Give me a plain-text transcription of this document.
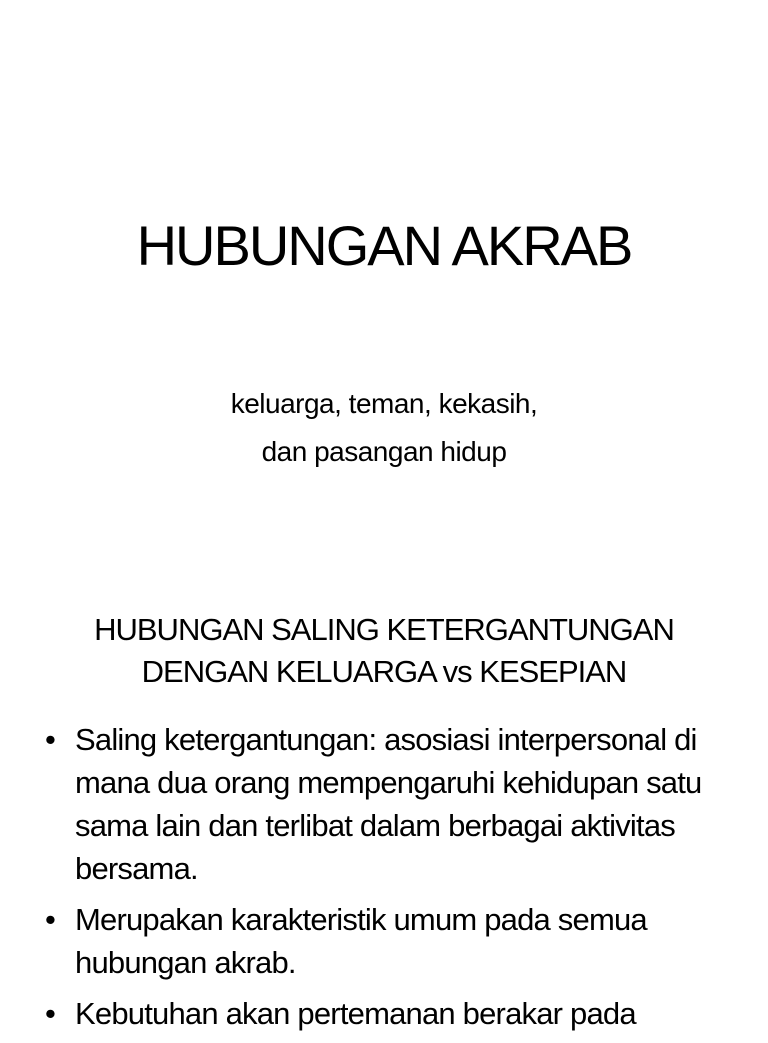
HUBUNGAN AKRAB
keluarga, teman, kekasih,
dan pasangan hidup
HUBUNGAN SALING KETERGANTUNGAN
DENGAN KELUARGA vs KESEPIAN
• Saling ketergantungan: asosiasi interpersonal di
mana dua orang mempengaruhi kehidupan satu
sama lain dan terlibat dalam berbagai aktivitas
bersama.
• Merupakan karakteristik umum pada semua
hubungan akrab.
• Kebutuhan akan pertemanan berakar pada
